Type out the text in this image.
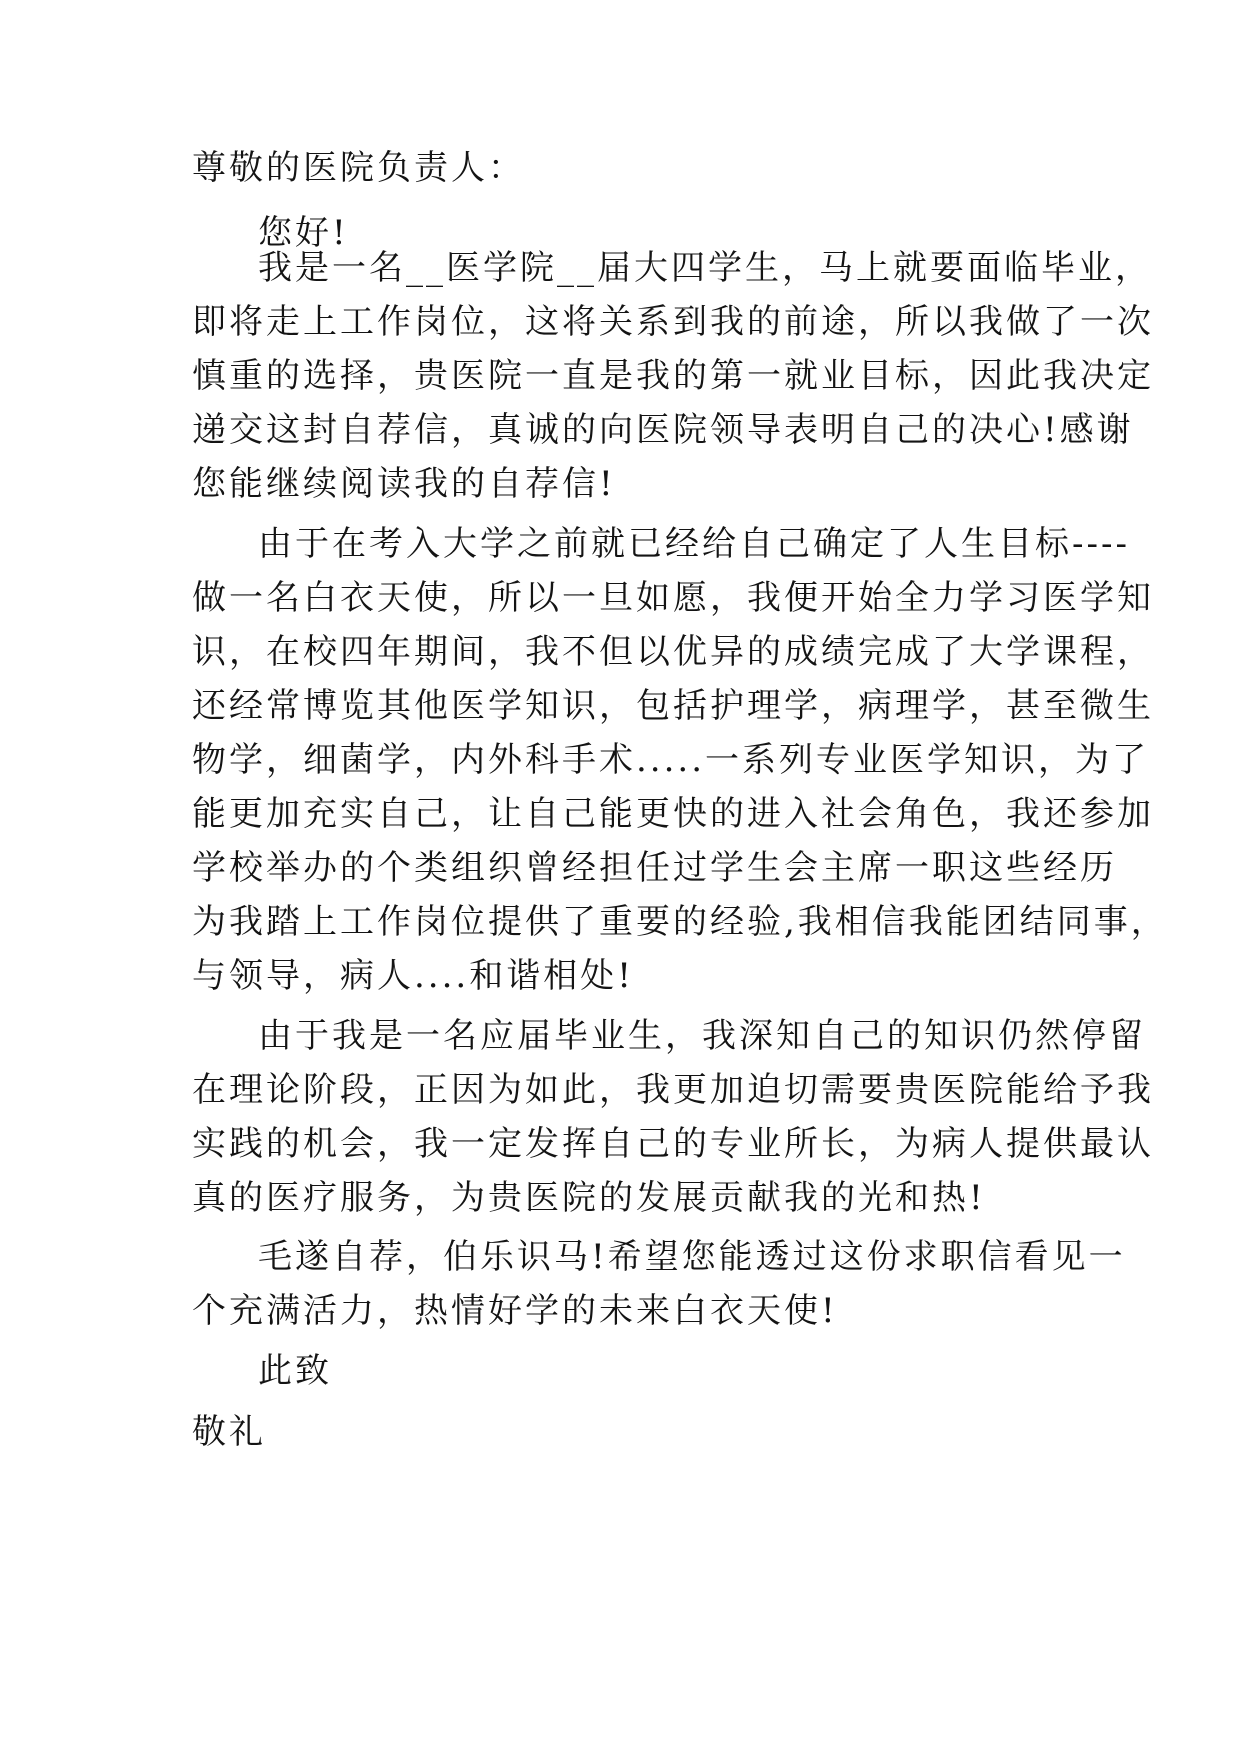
尊敬的医院负责人：
您好!
我是一名__医学院__届大四学生，马上就要面临毕业，
即将走上工作岗位，这将关系到我的前途，所以我做了一次
慎重的选择，贵医院一直是我的第一就业目标，因此我决定
递交这封自荐信，真诚的向医院领导表明自己的决心!感谢
您能继续阅读我的自荐信!
由于在考入大学之前就已经给自己确定了人生目标----
做一名白衣天使，所以一旦如愿，我便开始全力学习医学知
识，在校四年期间，我不但以优异的成绩完成了大学课程，
还经常博览其他医学知识，包括护理学，病理学，甚至微生
物学，细菌学，内外科手术.....一系列专业医学知识，为了
能更加充实自己，让自己能更快的进入社会角色，我还参加
学校举办的个类组织曾经担任过学生会主席一职这些经历
为我踏上工作岗位提供了重要的经验,我相信我能团结同事，
与领导，病人....和谐相处!
由于我是一名应届毕业生，我深知自己的知识仍然停留
在理论阶段，正因为如此，我更加迫切需要贵医院能给予我
实践的机会，我一定发挥自己的专业所长，为病人提供最认
真的医疗服务，为贵医院的发展贡献我的光和热!
毛遂自荐，伯乐识马!希望您能透过这份求职信看见一
个充满活力，热情好学的未来白衣天使!
此致
敬礼
